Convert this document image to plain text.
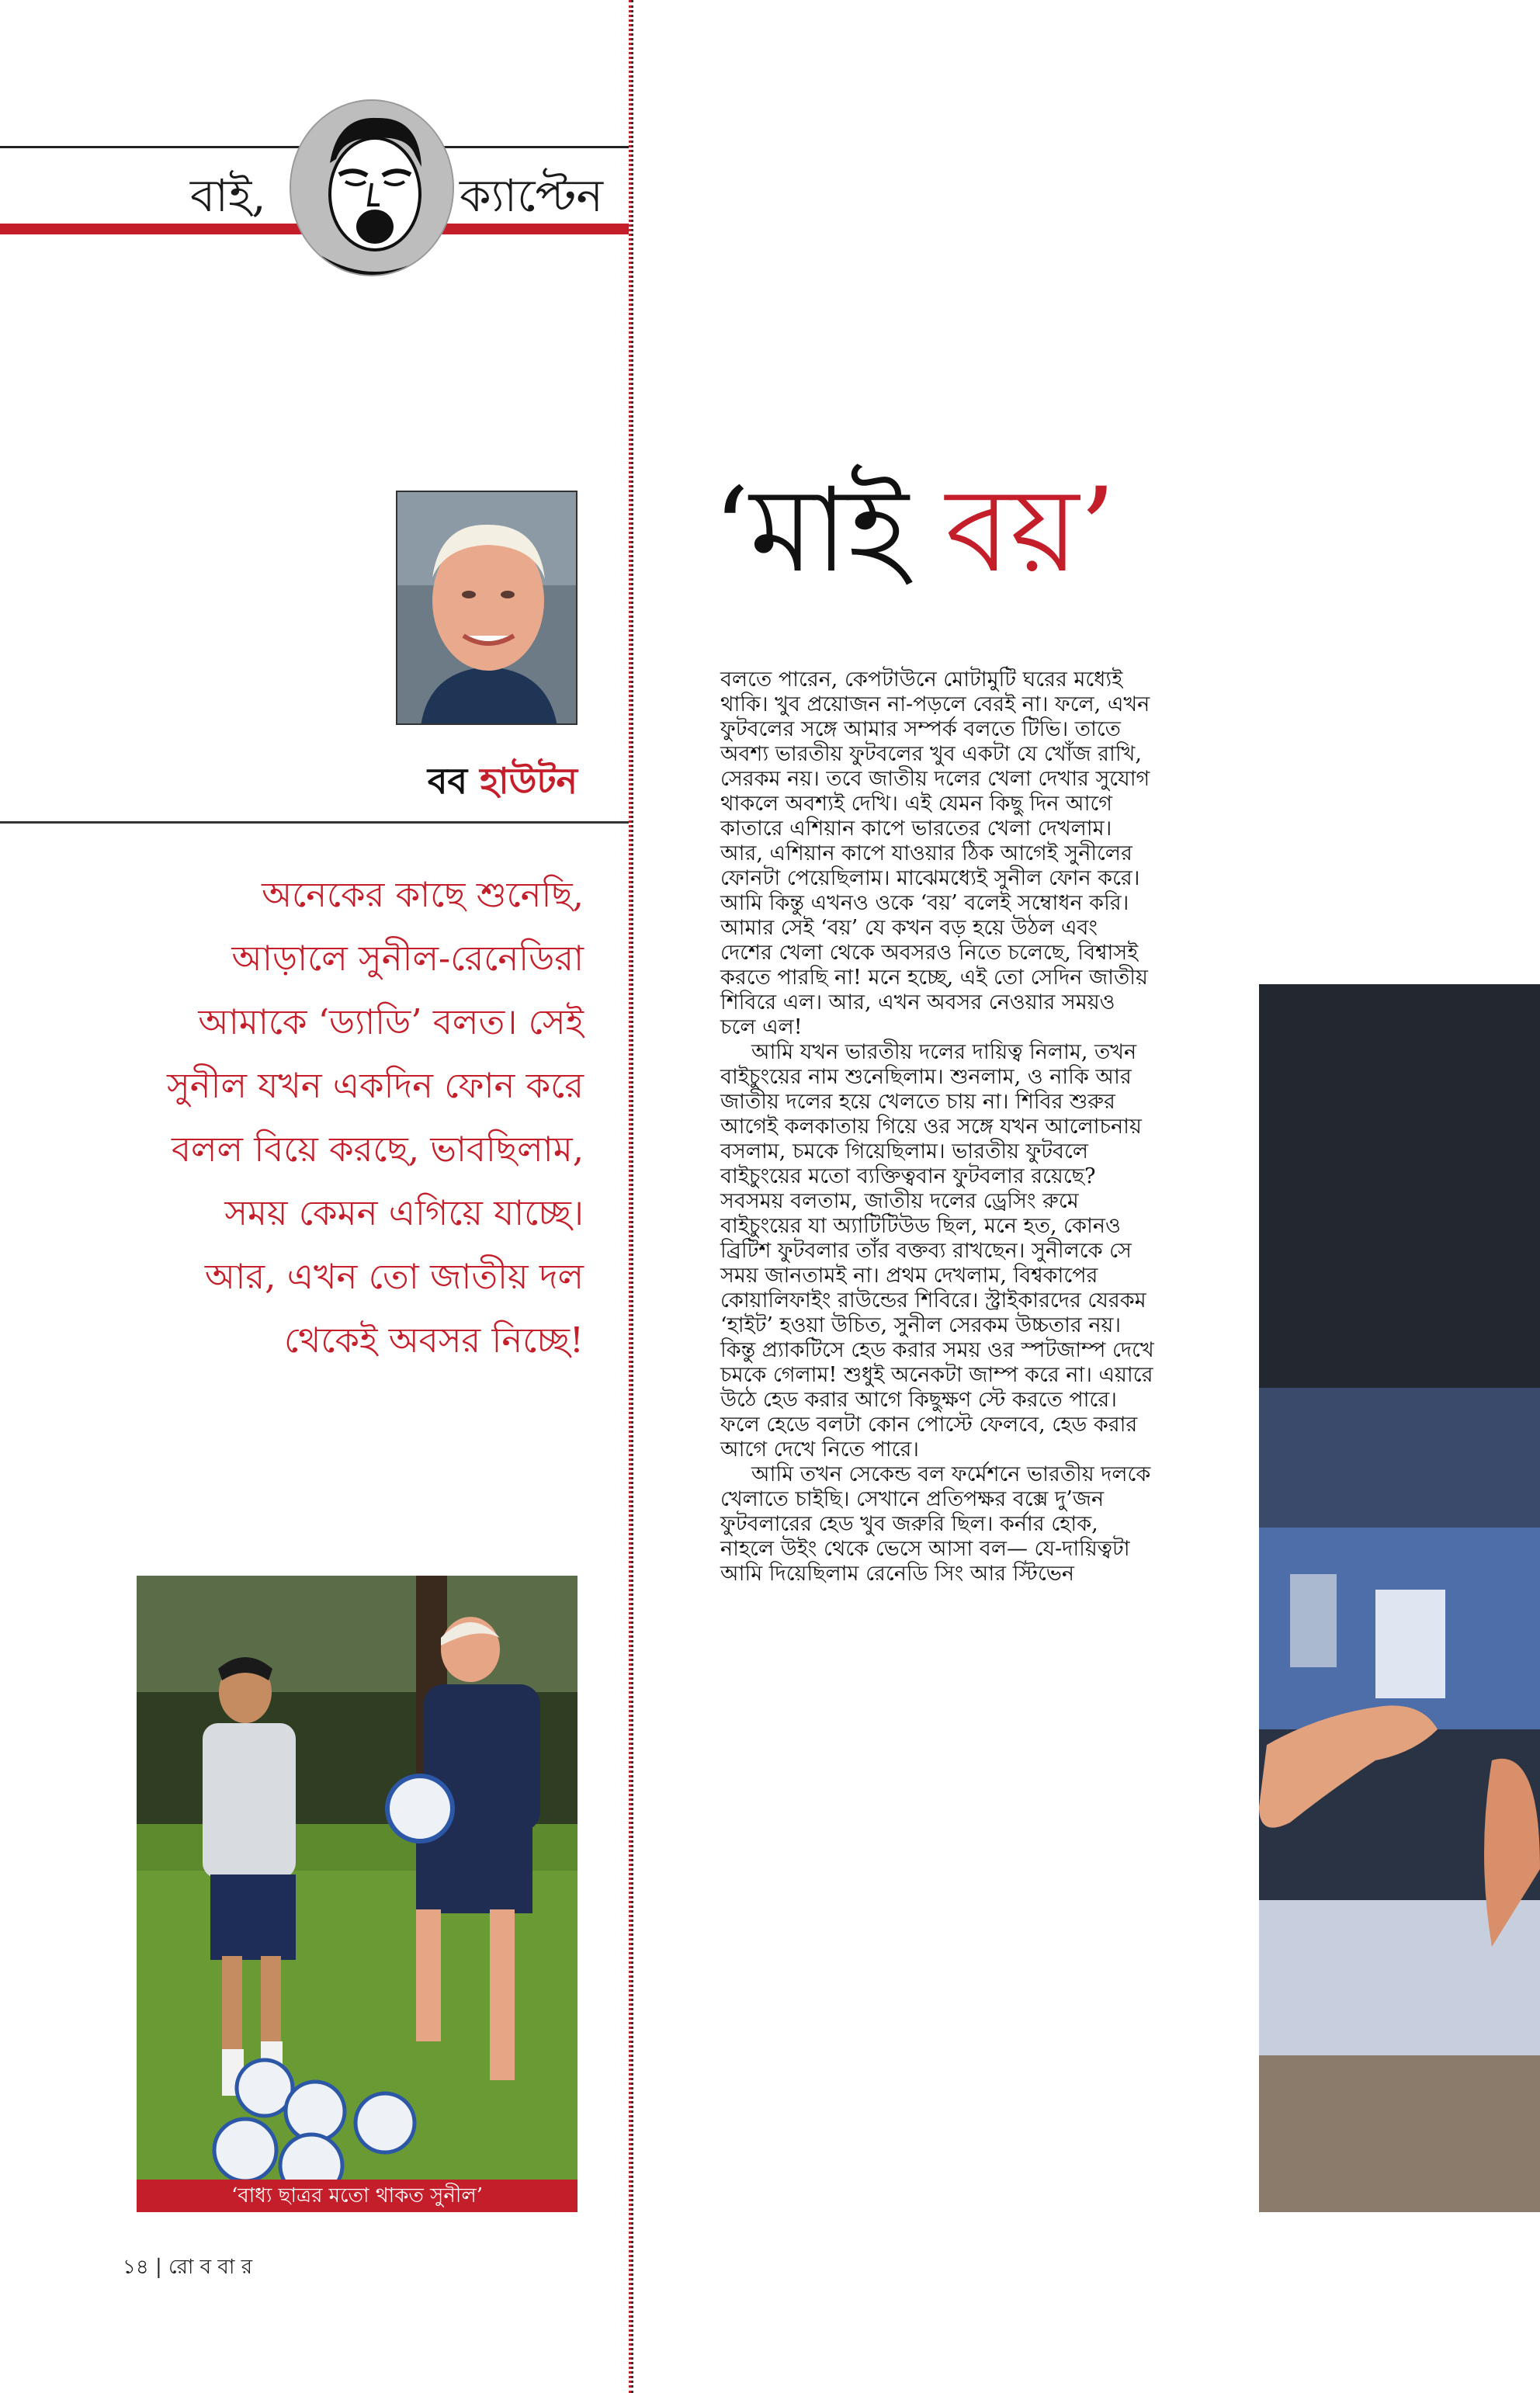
বাই,	ক্যাপ্টেন
বব হাউটন
অনেকের কাছে শুনেছি, আড়ালে সুনীল-রেনেডিরা আমাকে ‘ড্যাডি’ বলত। সেই সুনীল যখন একদিন ফোন করে বলল বিয়ে করছে, ভাবছিলাম, সময় কেমন এগিয়ে যাচ্ছে। আর, এখন তো জাতীয় দল থেকেই অবসর নিচ্ছে!
‘বাধ্য ছাত্রর মতো থাকত সুনীল’
১৪ | রো ব বা র
‘মাই বয়’

বলতে পারেন, কেপটাউনে মোটামুটি ঘরের মধ্যেই থাকি। খুব প্রয়োজন না-পড়লে বেরই না। ফলে, এখন ফুটবলের সঙ্গে আমার সম্পর্ক বলতে টিভি। তাতে অবশ্য ভারতীয় ফুটবলের খুব একটা যে খোঁজ রাখি, সেরকম নয়। তবে জাতীয় দলের খেলা দেখার সুযোগ থাকলে অবশ্যই দেখি। এই যেমন কিছু দিন আগে কাতারে এশিয়ান কাপে ভারতের খেলা দেখলাম। আর, এশিয়ান কাপে যাওয়ার ঠিক আগেই সুনীলের ফোনটা পেয়েছিলাম। মাঝেমধ্যেই সুনীল ফোন করে। আমি কিন্তু এখনও ওকে ‘বয়’ বলেই সম্বোধন করি। আমার সেই ‘বয়’ যে কখন বড় হয়ে উঠল এবং দেশের খেলা থেকে অবসরও নিতে চলেছে, বিশ্বাসই করতে পারছি না! মনে হচ্ছে, এই তো সেদিন জাতীয় শিবিরে এল। আর, এখন অবসর নেওয়ার সময়ও চলে এল!

আমি যখন ভারতীয় দলের দায়িত্ব নিলাম, তখন বাইচুংয়ের নাম শুনেছিলাম। শুনলাম, ও নাকি আর জাতীয় দলের হয়ে খেলতে চায় না। শিবির শুরুর আগেই কলকাতায় গিয়ে ওর সঙ্গে যখন আলোচনায় বসলাম, চমকে গিয়েছিলাম। ভারতীয় ফুটবলে বাইচুংয়ের মতো ব্যক্তিত্ববান ফুটবলার রয়েছে? সবসময় বলতাম, জাতীয় দলের ড্রেসিং রুমে বাইচুংয়ের যা অ্যাটিটিউড ছিল, মনে হত, কোনও ব্রিটিশ ফুটবলার তাঁর বক্তব্য রাখছেন। সুনীলকে সে সময় জানতামই না। প্রথম দেখলাম, বিশ্বকাপের কোয়ালিফাইং রাউন্ডের শিবিরে। স্ট্রাইকারদের যেরকম ‘হাইট’ হওয়া উচিত, সুনীল সেরকম উচ্চতার নয়। কিন্তু প্র্যাকটিসে হেড করার সময় ওর স্পটজাম্প দেখে চমকে গেলাম! শুধুই অনেকটা জাম্প করে না। এয়ারে উঠে হেড করার আগে কিছুক্ষণ স্টে করতে পারে। ফলে হেডে বলটা কোন পোস্টে ফেলবে, হেড করার আগে দেখে নিতে পারে।

আমি তখন সেকেন্ড বল ফর্মেশনে ভারতীয় দলকে খেলাতে চাইছি। সেখানে প্রতিপক্ষর বক্সে দু’জন ফুটবলারের হেড খুব জরুরি ছিল। কর্নার হোক, নাহলে উইং থেকে ভেসে আসা বল— যে-দায়িত্বটা আমি দিয়েছিলাম রেনেডি সিং আর স্টিভেন
